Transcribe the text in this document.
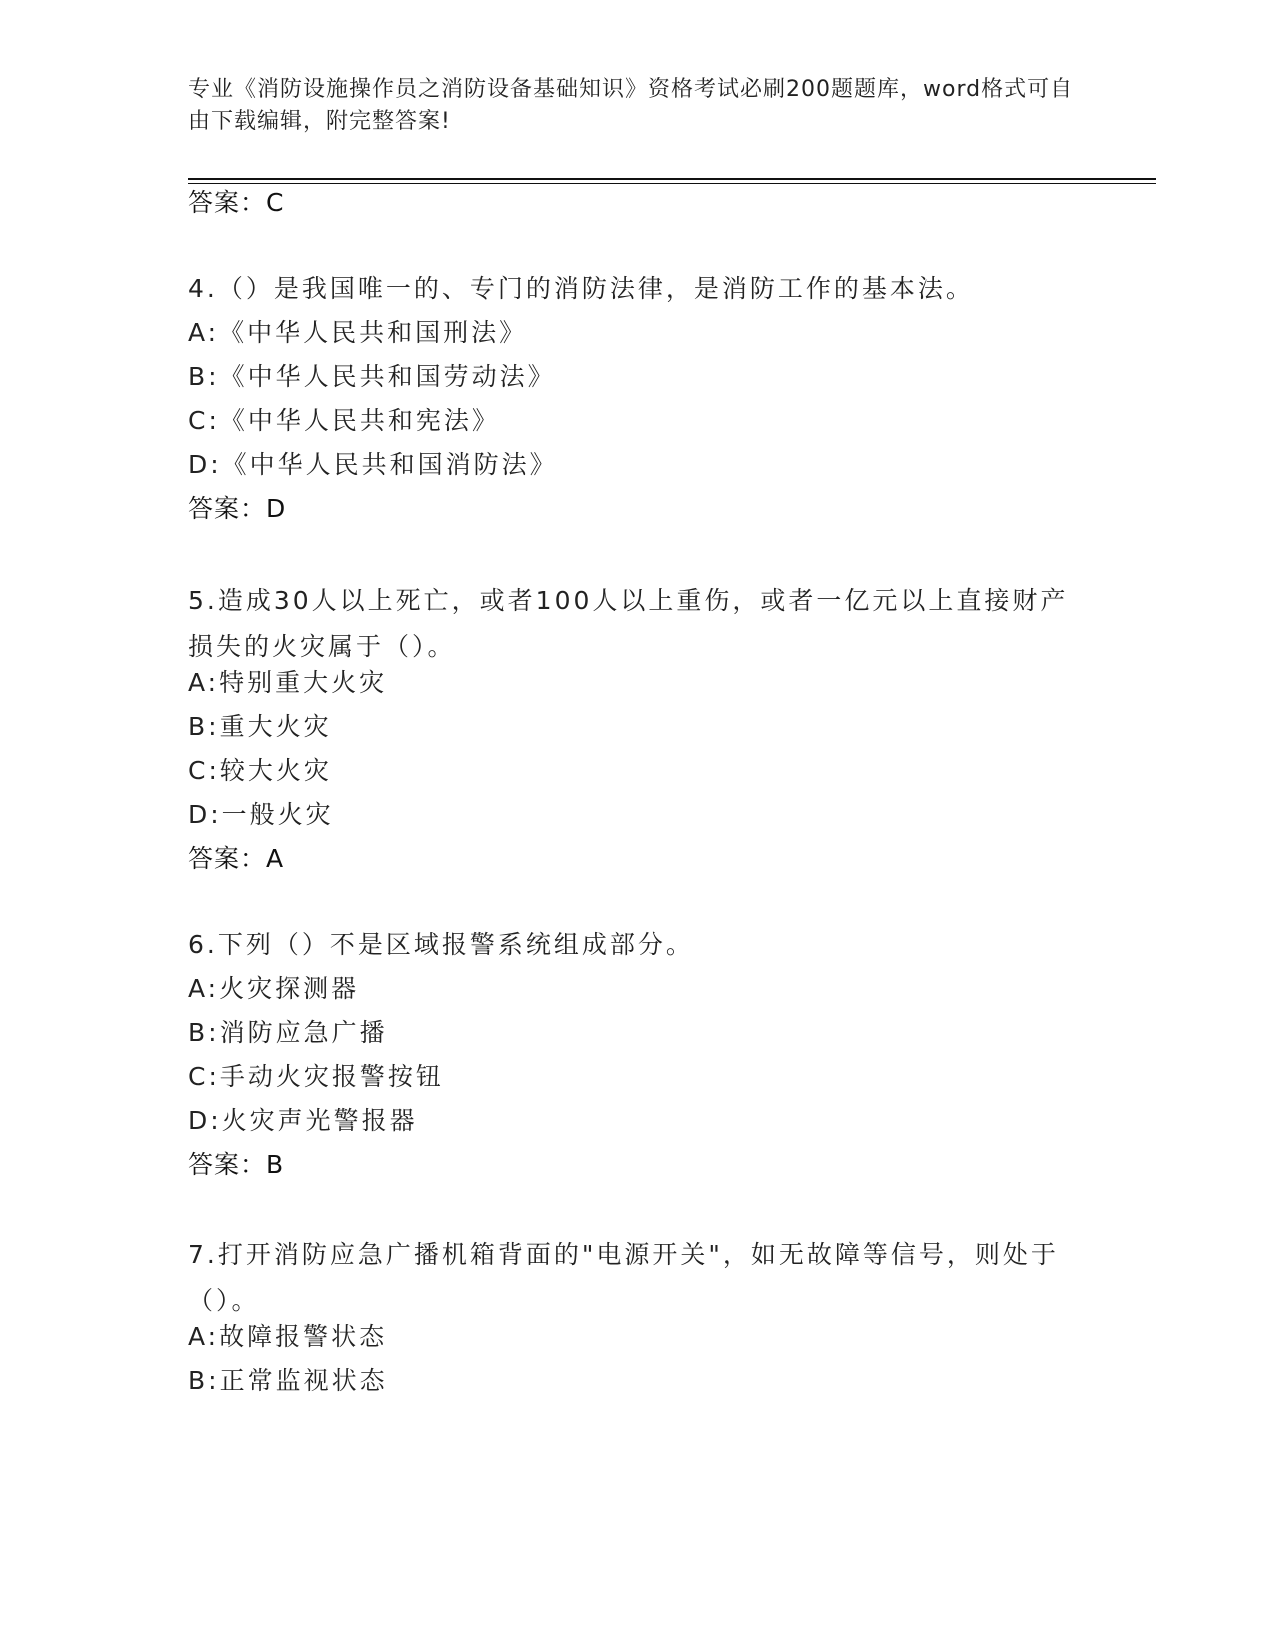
专业《消防设施操作员之消防设备基础知识》资格考试必刷200题题库，word格式可自由下载编辑，附完整答案!
答案：C
4.（）是我国唯一的、专门的消防法律，是消防工作的基本法。
A:《中华人民共和国刑法》
B:《中华人民共和国劳动法》
C:《中华人民共和宪法》
D:《中华人民共和国消防法》
答案：D
5.造成30人以上死亡，或者100人以上重伤，或者一亿元以上直接财产损失的火灾属于（）。
A:特别重大火灾
B:重大火灾
C:较大火灾
D:一般火灾
答案：A
6.下列（）不是区域报警系统组成部分。
A:火灾探测器
B:消防应急广播
C:手动火灾报警按钮
D:火灾声光警报器
答案：B
7.打开消防应急广播机箱背面的"电源开关"，如无故障等信号，则处于（）。
A:故障报警状态
B:正常监视状态
